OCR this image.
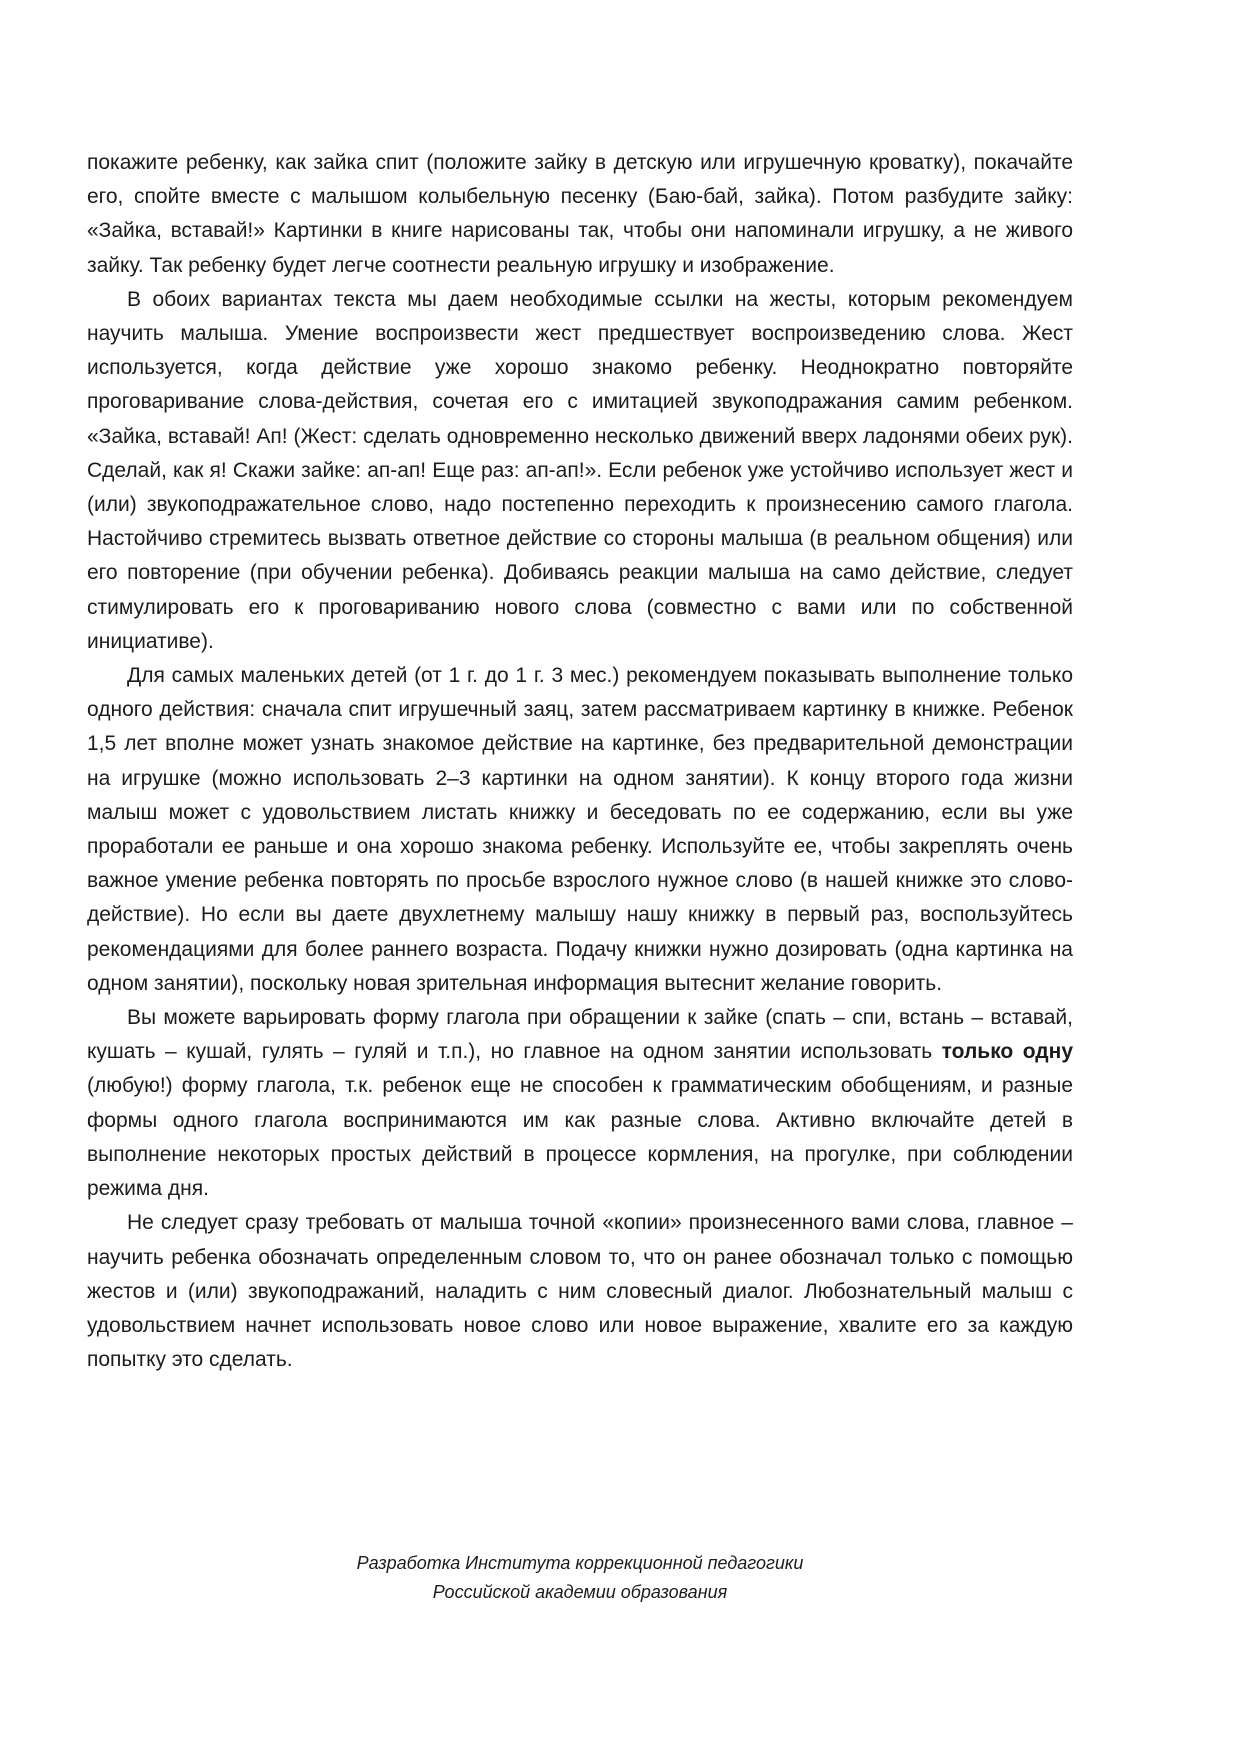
покажите ребенку, как зайка спит (положите зайку в детскую или игрушечную кроватку), покачайте его, спойте вместе с малышом колыбельную песенку (Баю-бай, зайка). Потом разбудите зайку: «Зайка, вставай!» Картинки в книге нарисованы так, чтобы они напоминали игрушку, а не живого зайку. Так ребенку будет легче соотнести реальную игрушку и изображение.

В обоих вариантах текста мы даем необходимые ссылки на жесты, которым рекомендуем научить малыша. Умение воспроизвести жест предшествует воспроизведению слова. Жест используется, когда действие уже хорошо знакомо ребенку. Неоднократно повторяйте проговаривание слова-действия, сочетая его с имитацией звукоподражания самим ребенком. «Зайка, вставай! Ап! (Жест: сделать одновременно несколько движений вверх ладонями обеих рук). Сделай, как я! Скажи зайке: ап-ап! Еще раз: ап-ап!». Если ребенок уже устойчиво использует жест и (или) звукоподражательное слово, надо постепенно переходить к произнесению самого глагола. Настойчиво стремитесь вызвать ответное действие со стороны малыша (в реальном общения) или его повторение (при обучении ребенка). Добиваясь реакции малыша на само действие, следует стимулировать его к проговариванию нового слова (совместно с вами или по собственной инициативе).

Для самых маленьких детей (от 1 г. до 1 г. 3 мес.) рекомендуем показывать выполнение только одного действия: сначала спит игрушечный заяц, затем рассматриваем картинку в книжке. Ребенок 1,5 лет вполне может узнать знакомое действие на картинке, без предварительной демонстрации на игрушке (можно использовать 2–3 картинки на одном занятии). К концу второго года жизни малыш может с удовольствием листать книжку и беседовать по ее содержанию, если вы уже проработали ее раньше и она хорошо знакома ребенку. Используйте ее, чтобы закреплять очень важное умение ребенка повторять по просьбе взрослого нужное слово (в нашей книжке это слово-действие). Но если вы даете двухлетнему малышу нашу книжку в первый раз, воспользуйтесь рекомендациями для более раннего возраста. Подачу книжки нужно дозировать (одна картинка на одном занятии), поскольку новая зрительная информация вытеснит желание говорить.

Вы можете варьировать форму глагола при обращении к зайке (спать – спи, встань – вставай, кушать – кушай, гулять – гуляй и т.п.), но главное на одном занятии использовать только одну (любую!) форму глагола, т.к. ребенок еще не способен к грамматическим обобщениям, и разные формы одного глагола воспринимаются им как разные слова. Активно включайте детей в выполнение некоторых простых действий в процессе кормления, на прогулке, при соблюдении режима дня.

Не следует сразу требовать от малыша точной «копии» произнесенного вами слова, главное – научить ребенка обозначать определенным словом то, что он ранее обозначал только с помощью жестов и (или) звукоподражаний, наладить с ним словесный диалог. Любознательный малыш с удовольствием начнет использовать новое слово или новое выражение, хвалите его за каждую попытку это сделать.

Разработка Института коррекционной педагогики
Российской академии образования
